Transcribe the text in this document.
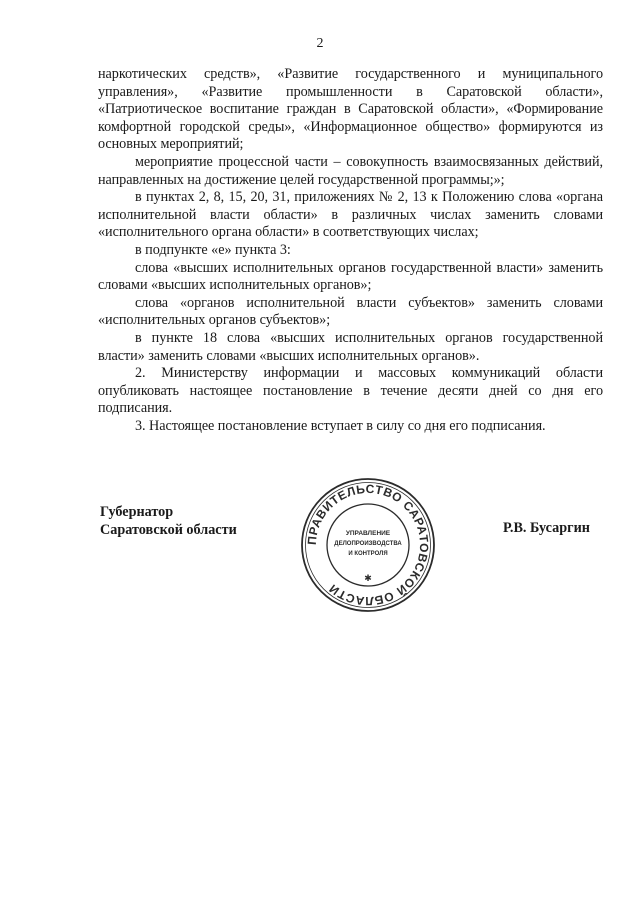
2

наркотических средств», «Развитие государственного и муниципального управления», «Развитие промышленности в Саратовской области», «Патриотическое воспитание граждан в Саратовской области», «Формирование комфортной городской среды», «Информационное общество» формируются из основных мероприятий;

мероприятие процессной части – совокупность взаимосвязанных действий, направленных на достижение целей государственной программы;»;

в пунктах 2, 8, 15, 20, 31, приложениях № 2, 13 к Положению слова «органа исполнительной власти области» в различных числах заменить словами «исполнительного органа области» в соответствующих числах;

в подпункте «е» пункта 3:

слова «высших исполнительных органов государственной власти» заменить словами «высших исполнительных органов»;

слова «органов исполнительной власти субъектов» заменить словами «исполнительных органов субъектов»;

в пункте 18 слова «высших исполнительных органов государственной власти» заменить словами «высших исполнительных органов».

2. Министерству информации и массовых коммуникаций области опубликовать настоящее постановление в течение десяти дней со дня его подписания.

3. Настоящее постановление вступает в силу со дня его подписания.

Губернатор
Саратовской области	Р.В. Бусаргин
ПРАВИТЕЛЬСТВО САРАТОВСКОЙ ОБЛАСТИ
УПРАВЛЕНИЕ
ДЕЛОПРОИЗВОДСТВА
И КОНТРОЛЯ
✱
